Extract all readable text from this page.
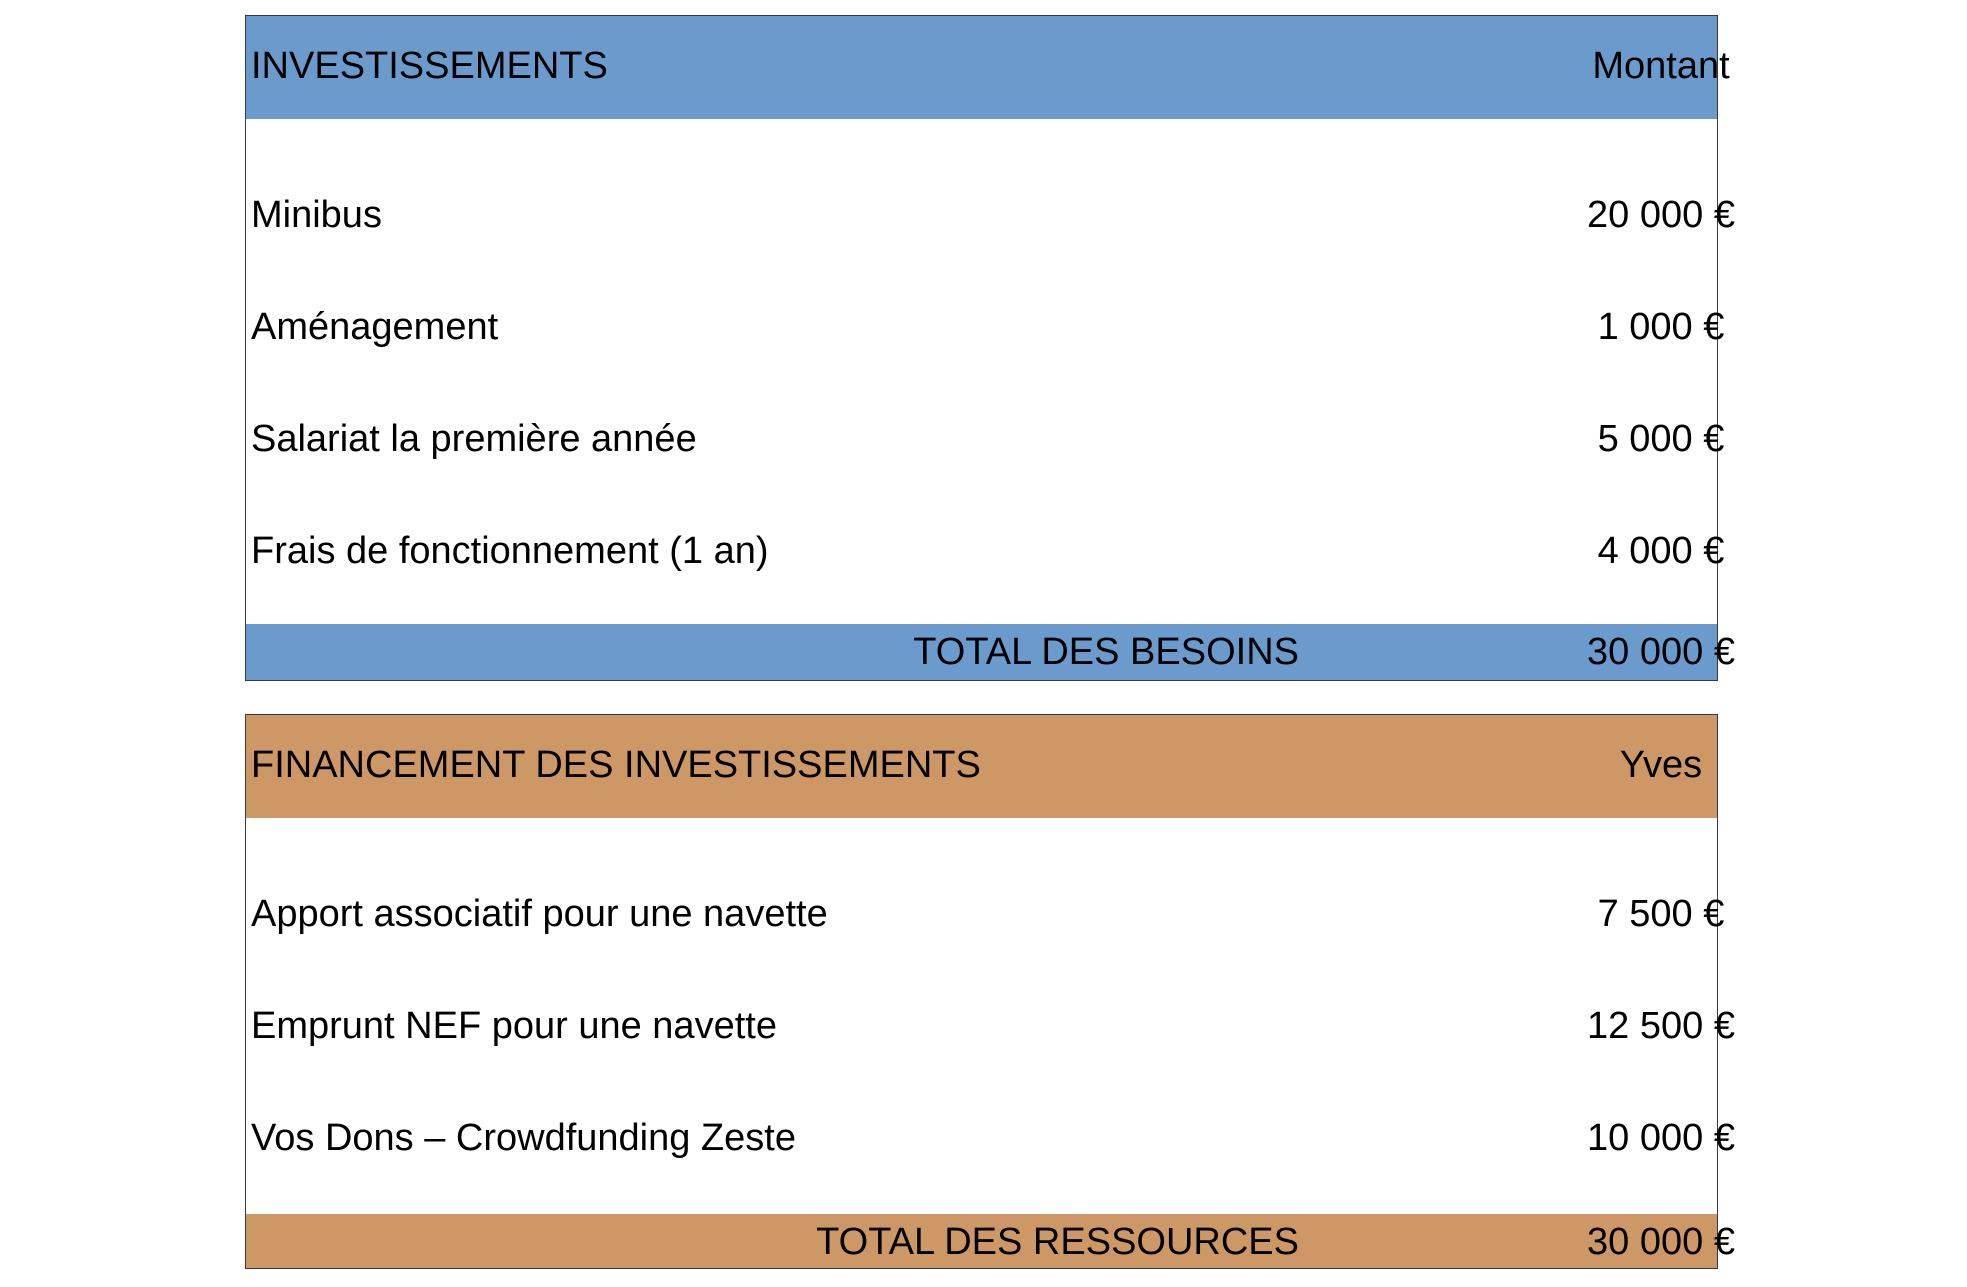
INVESTISSEMENTS	Montant
Minibus	20 000 €
Aménagement	1 000 €
Salariat la première année	5 000 €
Frais de fonctionnement (1 an)	4 000 €
TOTAL DES BESOINS	30 000 €
FINANCEMENT DES INVESTISSEMENTS	Yves
Apport associatif pour une navette	7 500 €
Emprunt NEF pour une navette	12 500 €
Vos Dons – Crowdfunding Zeste	10 000 €
TOTAL DES RESSOURCES	30 000 €
